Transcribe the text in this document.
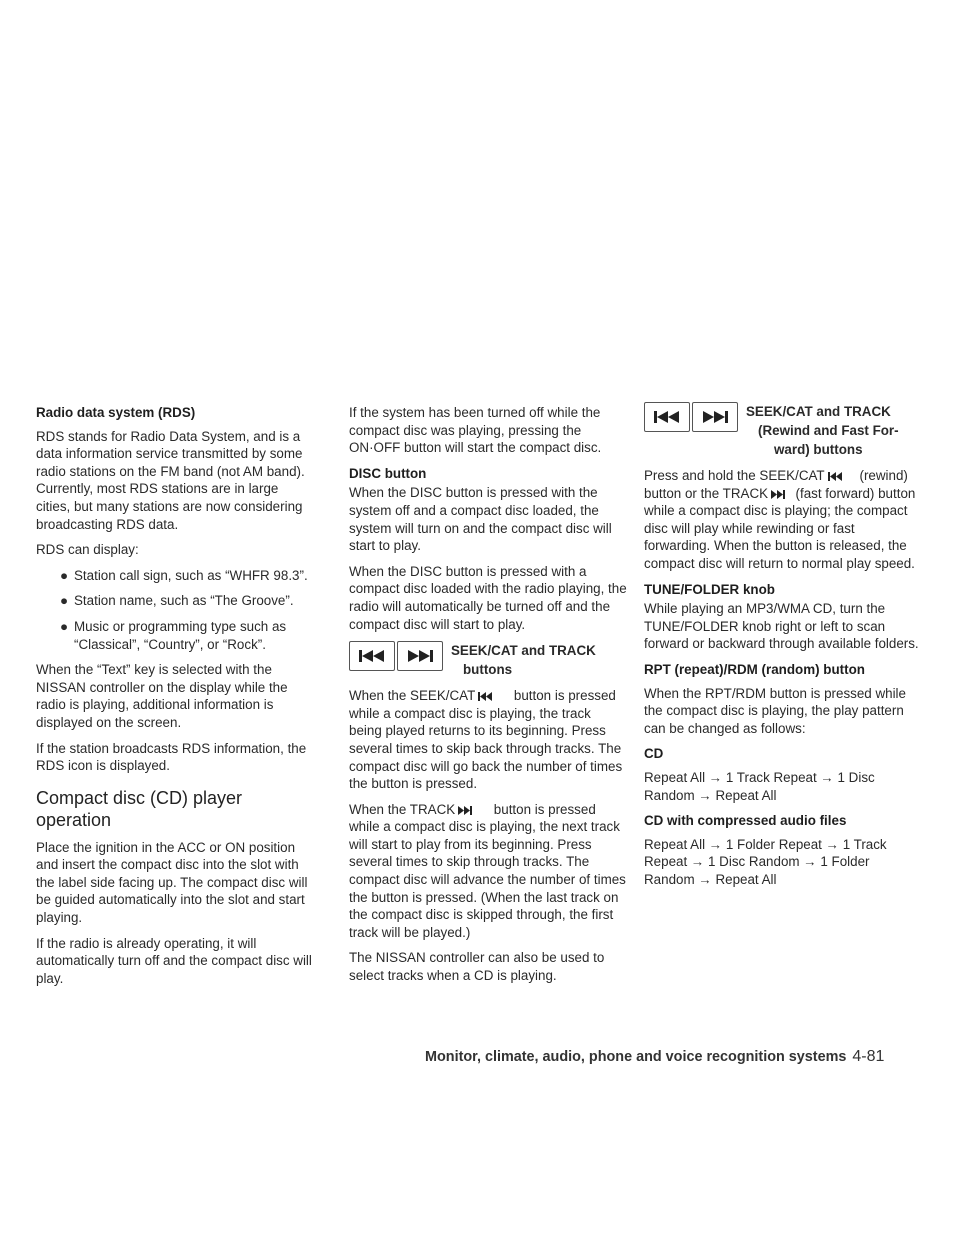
Radio data system (RDS)

RDS stands for Radio Data System, and is a data information service transmitted by some radio stations on the FM band (not AM band). Currently, most RDS stations are in large cities, but many stations are now considering broadcasting RDS data.

RDS can display:

● Station call sign, such as “WHFR 98.3”.
● Station name, such as “The Groove”.
● Music or programming type such as “Classical”, “Country”, or “Rock”.

When the “Text” key is selected with the NISSAN controller on the display while the radio is playing, additional information is displayed on the screen.

If the station broadcasts RDS information, the RDS icon is displayed.

Compact disc (CD) player operation

Place the ignition in the ACC or ON position and insert the compact disc into the slot with the label side facing up. The compact disc will be guided automatically into the slot and start playing.

If the radio is already operating, it will automatically turn off and the compact disc will play.

If the system has been turned off while the compact disc was playing, pressing the ON·OFF button will start the compact disc.

DISC button

When the DISC button is pressed with the system off and a compact disc loaded, the system will turn on and the compact disc will start to play.

When the DISC button is pressed with a compact disc loaded with the radio playing, the radio will automatically be turned off and the compact disc will start to play.

SEEK/CAT and TRACK
buttons

When the SEEK/CAT	button is pressed while a compact disc is playing, the track being played returns to its beginning. Press several times to skip back through tracks. The compact disc will go back the number of times the button is pressed.

When the TRACK	button is pressed while a compact disc is playing, the next track will start to play from its beginning. Press several times to skip through tracks. The compact disc will advance the number of times the button is pressed. (When the last track on the compact disc is skipped through, the first track will be played.)

The NISSAN controller can also be used to select tracks when a CD is playing.

SEEK/CAT and TRACK
(Rewind and Fast For-
ward) buttons

Press and hold the SEEK/CAT	(rewind) button or the TRACK (fast forward) button while a compact disc is playing; the compact disc will play while rewinding or fast forwarding. When the button is released, the compact disc will return to normal play speed.

TUNE/FOLDER knob

While playing an MP3/WMA CD, turn the TUNE/FOLDER knob right or left to scan forward or backward through available folders.

RPT (repeat)/RDM (random) button

When the RPT/RDM button is pressed while the compact disc is playing, the play pattern can be changed as follows:

CD

Repeat All → 1 Track Repeat → 1 Disc Random → Repeat All

CD with compressed audio files

Repeat All → 1 Folder Repeat → 1 Track Repeat → 1 Disc Random → 1 Folder Random → Repeat All

Monitor, climate, audio, phone and voice recognition systems 4-81
